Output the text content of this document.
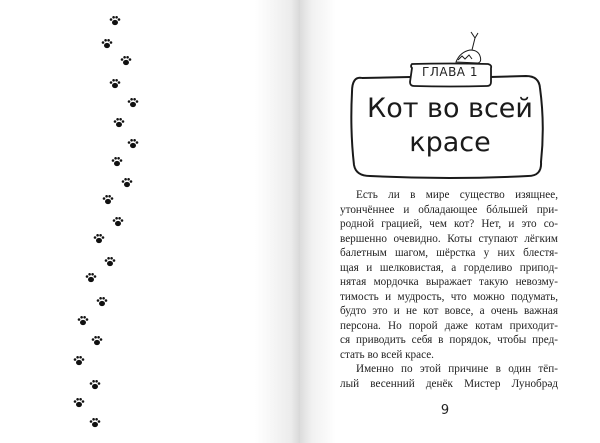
ГЛАВА 1
Кот во всей
красе
Есть ли в мире существо изящнее,
утончённее и обладающее бóльшей при-
родной грацией, чем кот? Нет, и это со-
вершенно очевидно. Коты ступают лёгким
балетным шагом, шёрстка у них блестя-
щая и шелковистая, а горделиво припод-
нятая мордочка выражает такую невозму-
тимость и мудрость, что можно подумать,
будто это и не кот вовсе, а очень важная
персона. Но порой даже котам приходит-
ся приводить себя в порядок, чтобы пред-
стать во всей красе.
Именно по этой причине в один тёп-
лый весенний денёк Мистер Лунобрәд
9
